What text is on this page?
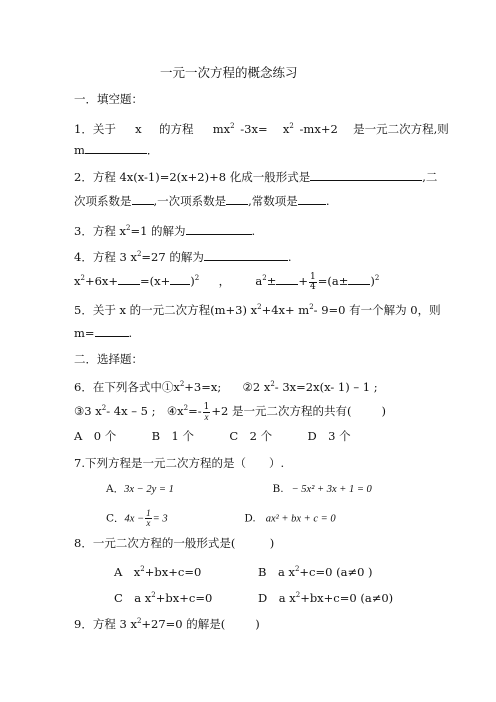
一元一次方程的概念练习
一．填空题：
1．关于 x 的方程 $mx^2$ $-3x= x^2$ -mx+2 是一元二次方程,则
m	．
2．方程 4x(x-1)=2(x+2)+8 化成一般形式是	,二
次项系数是 ,一次项系数是 ,常数项是 .
3．方程 $x^2=1$ 的解为	.
4．方程 3 $x^2=27$ 的解为	.
$x^2+6x+ =(x+ )^2$ ， $a^2\pm + \frac{1}{4} =(a\pm )^2$
5．关于 x 的一元二次方程(m+3) $x^2+4x+ m^2-$ 9=0 有一个解为 0，则
m=	.
二．选择题：
6．在下列各式中$①x^2+3=x$; ②2 $x^2-$ 3x=2x(x- 1) – 1 ;
③3 $x^2-$ 4x – 5 ; $④x^2=- \frac{1}{x} +2$ 是一元二次方程的共有(	)
A　0 个	B　1 个	C　2 个	D　3 个
7.下列方程是一元二次方程的是（　　）.
A．3x − 2y = 1	B. − 5x² + 3x + 1 = 0
C．$4x - \frac{1}{x} = 3$	D. ax² + bx + c = 0
8．一元二次方程的一般形式是(　　　)
A　$x^2+bx+c=0$	B　a $x^2+c=0$ (a≠0 )
C　a $x^2+bx+c=0$	D　a $x^2+bx+c=0$ (a≠0)
9．方程 3 $x^2+27=0$ 的解是(	)
